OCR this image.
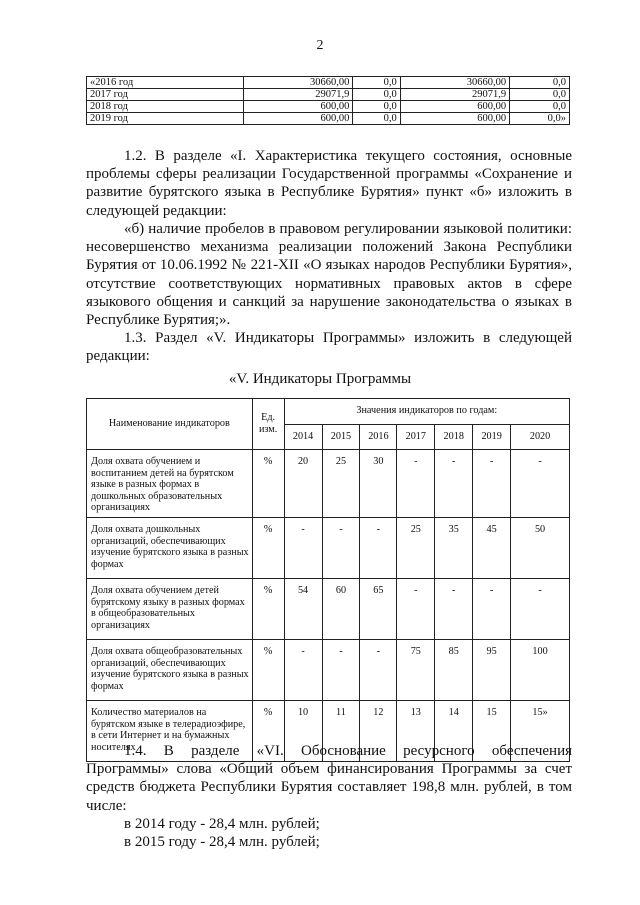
2
«2016 год	30660,00	0,0	30660,00	0,0
2017 год	29071,9	0,0	29071,9	0,0
2018 год	600,00	0,0	600,00	0,0
2019 год	600,00	0,0	600,00	0,0»
1.2. В разделе «I. Характеристика текущего состояния, основные проблемы сферы реализации Государственной программы «Сохранение и развитие бурятского языка в Республике Бурятия» пункт «б» изложить в следующей редакции:
«б) наличие пробелов в правовом регулировании языковой политики: несовершенство механизма реализации положений Закона Республики Бурятия от 10.06.1992 № 221-XII «О языках народов Республики Бурятия», отсутствие соответствующих нормативных правовых актов в сфере языкового общения и санкций за нарушение законодательства о языках в Республике Бурятия;».
1.3. Раздел «V. Индикаторы Программы» изложить в следующей редакции:
«V. Индикаторы Программы
Наименование индикаторов	Ед. изм.	Значения индикаторов по годам:						
		2014	2015	2016	2017	2018	2019	2020
Доля охвата обучением и воспитанием детей на бурятском языке в разных формах в дошкольных образовательных организациях	%	20	25	30	-	-	-	-
Доля охвата дошкольных организаций, обеспечивающих изучение бурятского языка в разных формах	%	-	-	-	25	35	45	50
Доля охвата обучением детей бурятскому языку в разных формах в общеобразовательных организациях	%	54	60	65	-	-	-	-
Доля охвата общеобразовательных организаций, обеспечивающих изучение бурятского языка в разных формах	%	-	-	-	75	85	95	100
Количество материалов на бурятском языке в телерадиоэфире, в сети Интернет и на бумажных носителях	%	10	11	12	13	14	15	15»
1.4. В разделе «VI. Обоснование ресурсного обеспечения Программы» слова «Общий объем финансирования Программы за счет средств бюджета Республики Бурятия составляет 198,8 млн. рублей, в том числе:
в 2014 году - 28,4 млн. рублей;
в 2015 году - 28,4 млн. рублей;
